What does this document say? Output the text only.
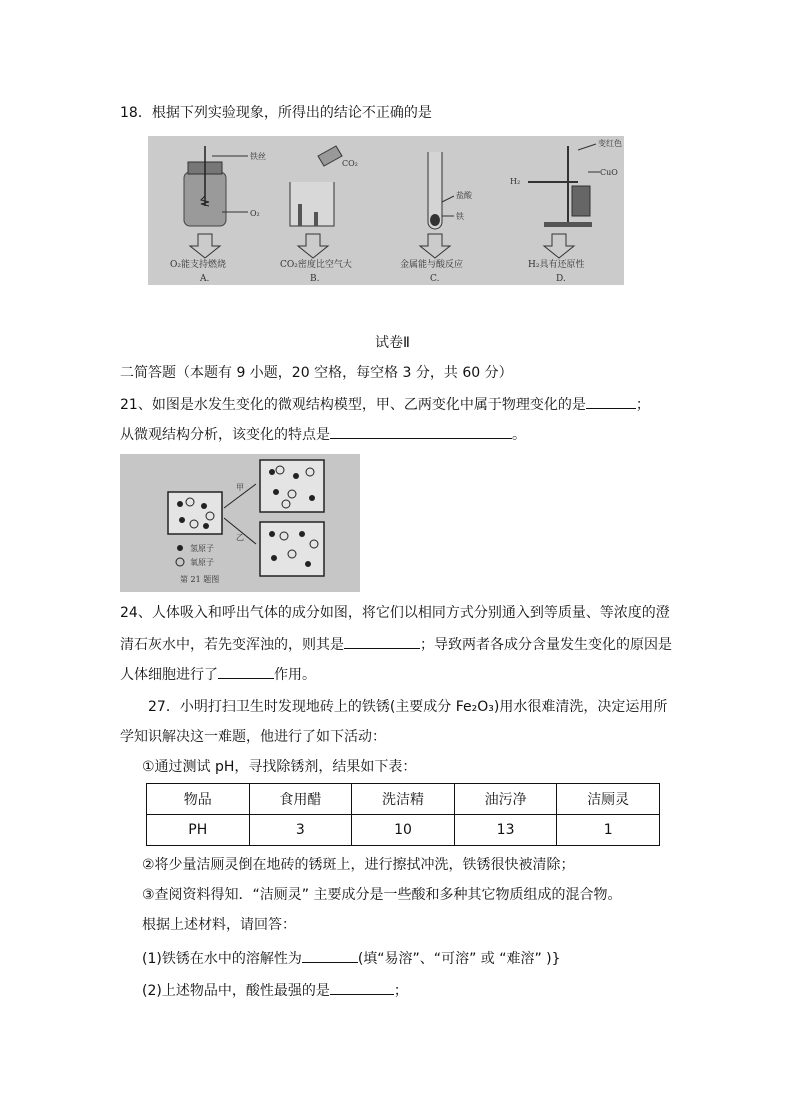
18．根据下列实验现象，所得出的结论不正确的是
铁丝
O₂
O₂能支持燃烧
A.
CO₂
CO₂密度比空气大
B.
盐酸
铁
金属能与酸反应
C.
变红色
CuO
H₂
H₂具有还原性
D.
试卷Ⅱ
二简答题（本题有 9 小题，20 空格，每空格 3 分，共 60 分）
21、如图是水发生变化的微观结构模型，甲、乙两变化中属于物理变化的是	；
从微观结构分析，该变化的特点是	。
甲
乙
氢原子
氧原子
第 21 题图
24、人体吸入和呼出气体的成分如图，将它们以相同方式分别通入到等质量、等浓度的澄
清石灰水中，若先变浑浊的，则其是	；导致两者各成分含量发生变化的原因是
人体细胞进行了	作用。
27．小明打扫卫生时发现地砖上的铁锈(主要成分 Fe₂O₃)用水很难清洗，决定运用所
学知识解决这一难题，他进行了如下活动：
①通过测试 pH，寻找除锈剂，结果如下表：
物品	食用醋	洗洁精	油污净	洁厕灵
PH	3	10	13	1
②将少量洁厕灵倒在地砖的锈斑上，进行擦拭冲洗，铁锈很快被清除；
③查阅资料得知．“洁厕灵” 主要成分是一些酸和多种其它物质组成的混合物。
根据上述材料，请回答：
(1)铁锈在水中的溶解性为	(填“易溶”、“可溶” 或 “难溶” )}
(2)上述物品中，酸性最强的是	；
